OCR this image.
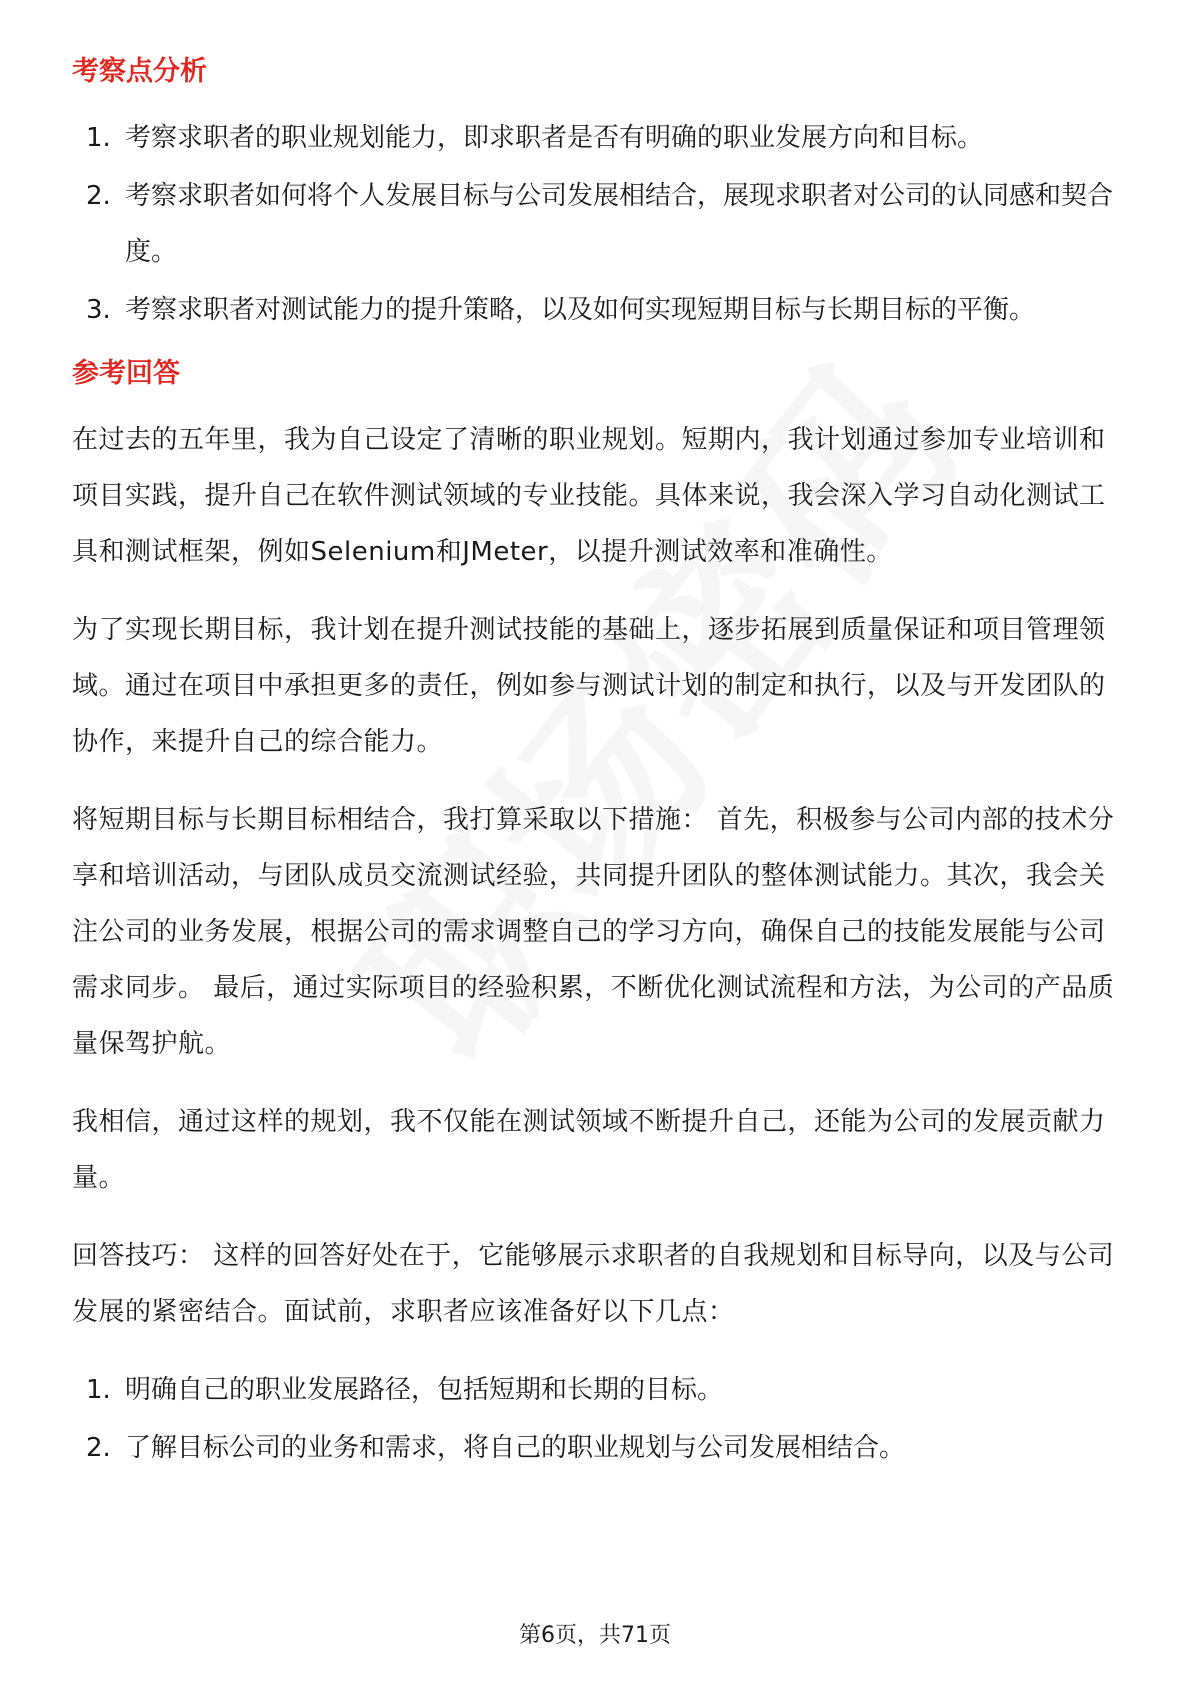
考察点分析
1. 考察求职者的职业规划能力，即求职者是否有明确的职业发展方向和目标。
2. 考察求职者如何将个人发展目标与公司发展相结合，展现求职者对公司的认同感和契合度。
3. 考察求职者对测试能力的提升策略，以及如何实现短期目标与长期目标的平衡。
参考回答

在过去的五年里，我为自己设定了清晰的职业规划。短期内，我计划通过参加专业培训和项目实践，提升自己在软件测试领域的专业技能。具体来说，我会深入学习自动化测试工具和测试框架，例如Selenium和JMeter，以提升测试效率和准确性。

为了实现长期目标，我计划在提升测试技能的基础上，逐步拓展到质量保证和项目管理领域。通过在项目中承担更多的责任，例如参与测试计划的制定和执行，以及与开发团队的协作，来提升自己的综合能力。

将短期目标与长期目标相结合，我打算采取以下措施： 首先，积极参与公司内部的技术分享和培训活动，与团队成员交流测试经验，共同提升团队的整体测试能力。其次，我会关注公司的业务发展，根据公司的需求调整自己的学习方向，确保自己的技能发展能与公司需求同步。 最后，通过实际项目的经验积累，不断优化测试流程和方法，为公司的产品质量保驾护航。

我相信，通过这样的规划，我不仅能在测试领域不断提升自己，还能为公司的发展贡献力量。

回答技巧： 这样的回答好处在于，它能够展示求职者的自我规划和目标导向，以及与公司发展的紧密结合。面试前，求职者应该准备好以下几点：

1. 明确自己的职业发展路径，包括短期和长期的目标。
2. 了解目标公司的业务和需求，将自己的职业规划与公司发展相结合。
第6页，共71页
